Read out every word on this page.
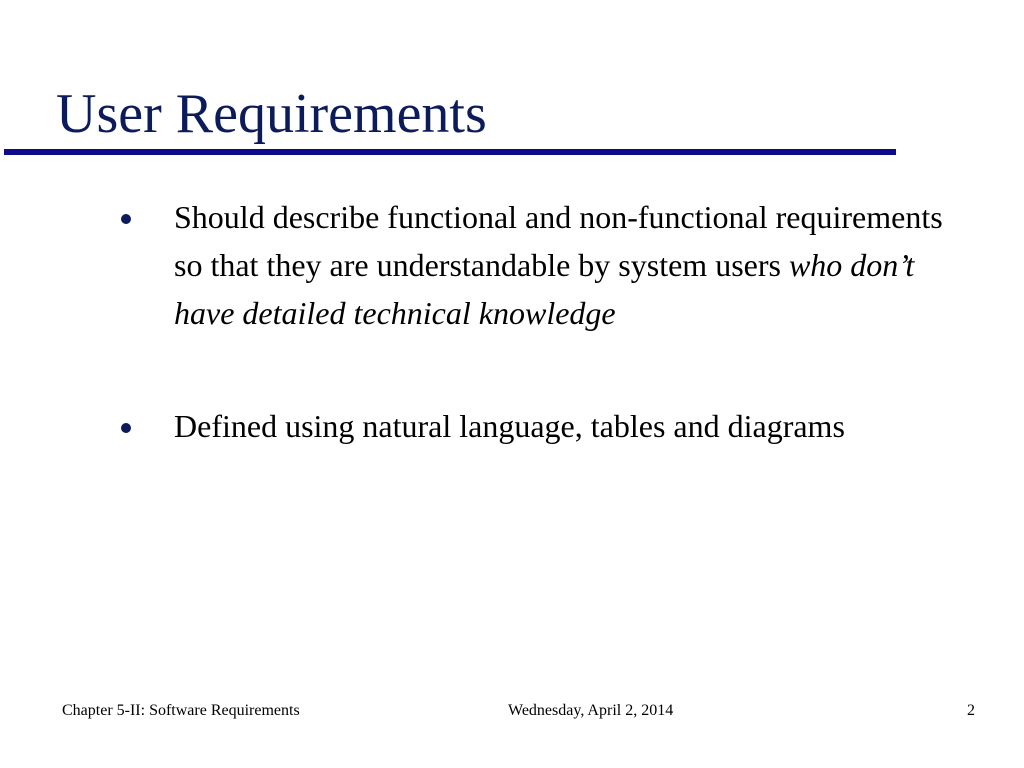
User Requirements
Should describe functional and non-functional requirements so that they are understandable by system users who don’t have detailed technical knowledge
Defined using natural language, tables and diagrams
Chapter 5-II: Software Requirements	Wednesday, April 2, 2014	2
